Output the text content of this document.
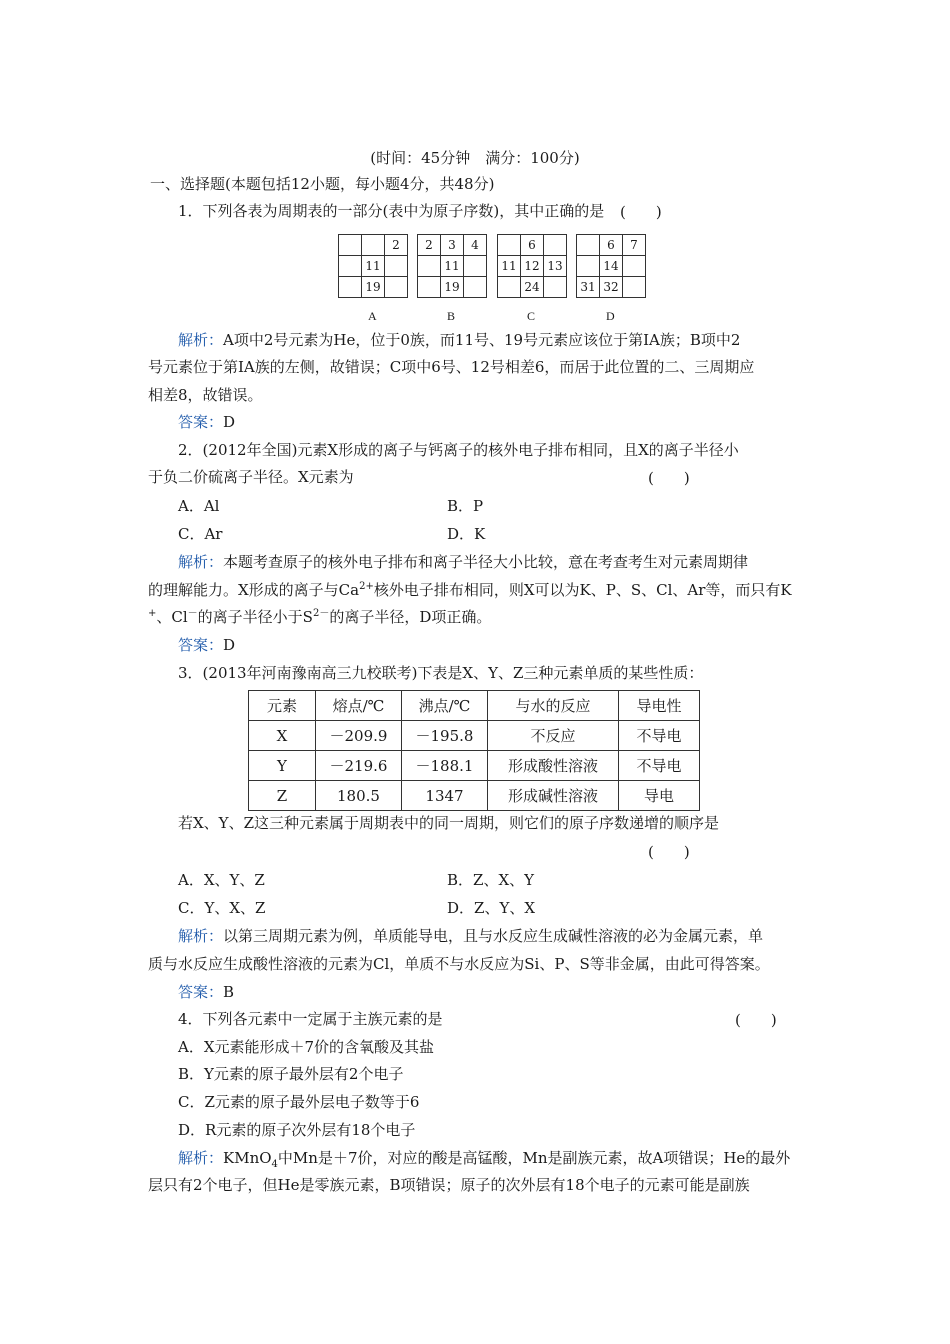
(时间：45分钟　满分：100分)
一、选择题(本题包括12小题，每小题4分，共48分)
1．下列各表为周期表的一部分(表中为原子序数)，其中正确的是 (　　)
		2
	11	
	19	
2	3	4
	11	
	19	
	6	
11	12	13
	24	
	6	7
	14	
31	32	
A	B	C	D
解析：A项中2号元素为He，位于0族，而11号、19号元素应该位于第ⅠA族；B项中2
号元素位于第ⅠA族的左侧，故错误；C项中6号、12号相差6，而居于此位置的二、三周期应
相差8，故错误。
答案：D
2．(2012年全国)元素X形成的离子与钙离子的核外电子排布相同，且X的离子半径小
于负二价硫离子半径。X元素为	(　　)
A．Al	B．P
C．Ar	D．K
解析：本题考查原子的核外电子排布和离子半径大小比较，意在考查考生对元素周期律
的理解能力。X形成的离子与$Ca^{2+}$核外电子排布相同，则X可以为K、P、S、Cl、Ar等，而只有K
+、Cl－的离子半径小于$S^{2-}$的离子半径，D项正确。
答案：D
3．(2013年河南豫南高三九校联考)下表是X、Y、Z三种元素单质的某些性质：
元素	熔点/℃	沸点/℃	与水的反应	导电性
X	－209.9	－195.8	不反应	不导电
Y	－219.6	－188.1	形成酸性溶液	不导电
Z	180.5	1347	形成碱性溶液	导电
若X、Y、Z这三种元素属于周期表中的同一周期，则它们的原子序数递增的顺序是
(　　)
A．X、Y、Z	B．Z、X、Y
C．Y、X、Z	D．Z、Y、X
解析：以第三周期元素为例，单质能导电，且与水反应生成碱性溶液的必为金属元素，单
质与水反应生成酸性溶液的元素为Cl，单质不与水反应为Si、P、S等非金属，由此可得答案。
答案：B
4．下列各元素中一定属于主族元素的是	(　　)
A．X元素能形成＋7价的含氧酸及其盐
B．Y元素的原子最外层有2个电子
C．Z元素的原子最外层电子数等于6
D．R元素的原子次外层有18个电子
解析：KMnO$_4$中Mn是＋7价，对应的酸是高锰酸，Mn是副族元素，故A项错误；He的最外
层只有2个电子，但He是零族元素，B项错误；原子的次外层有18个电子的元素可能是副族
